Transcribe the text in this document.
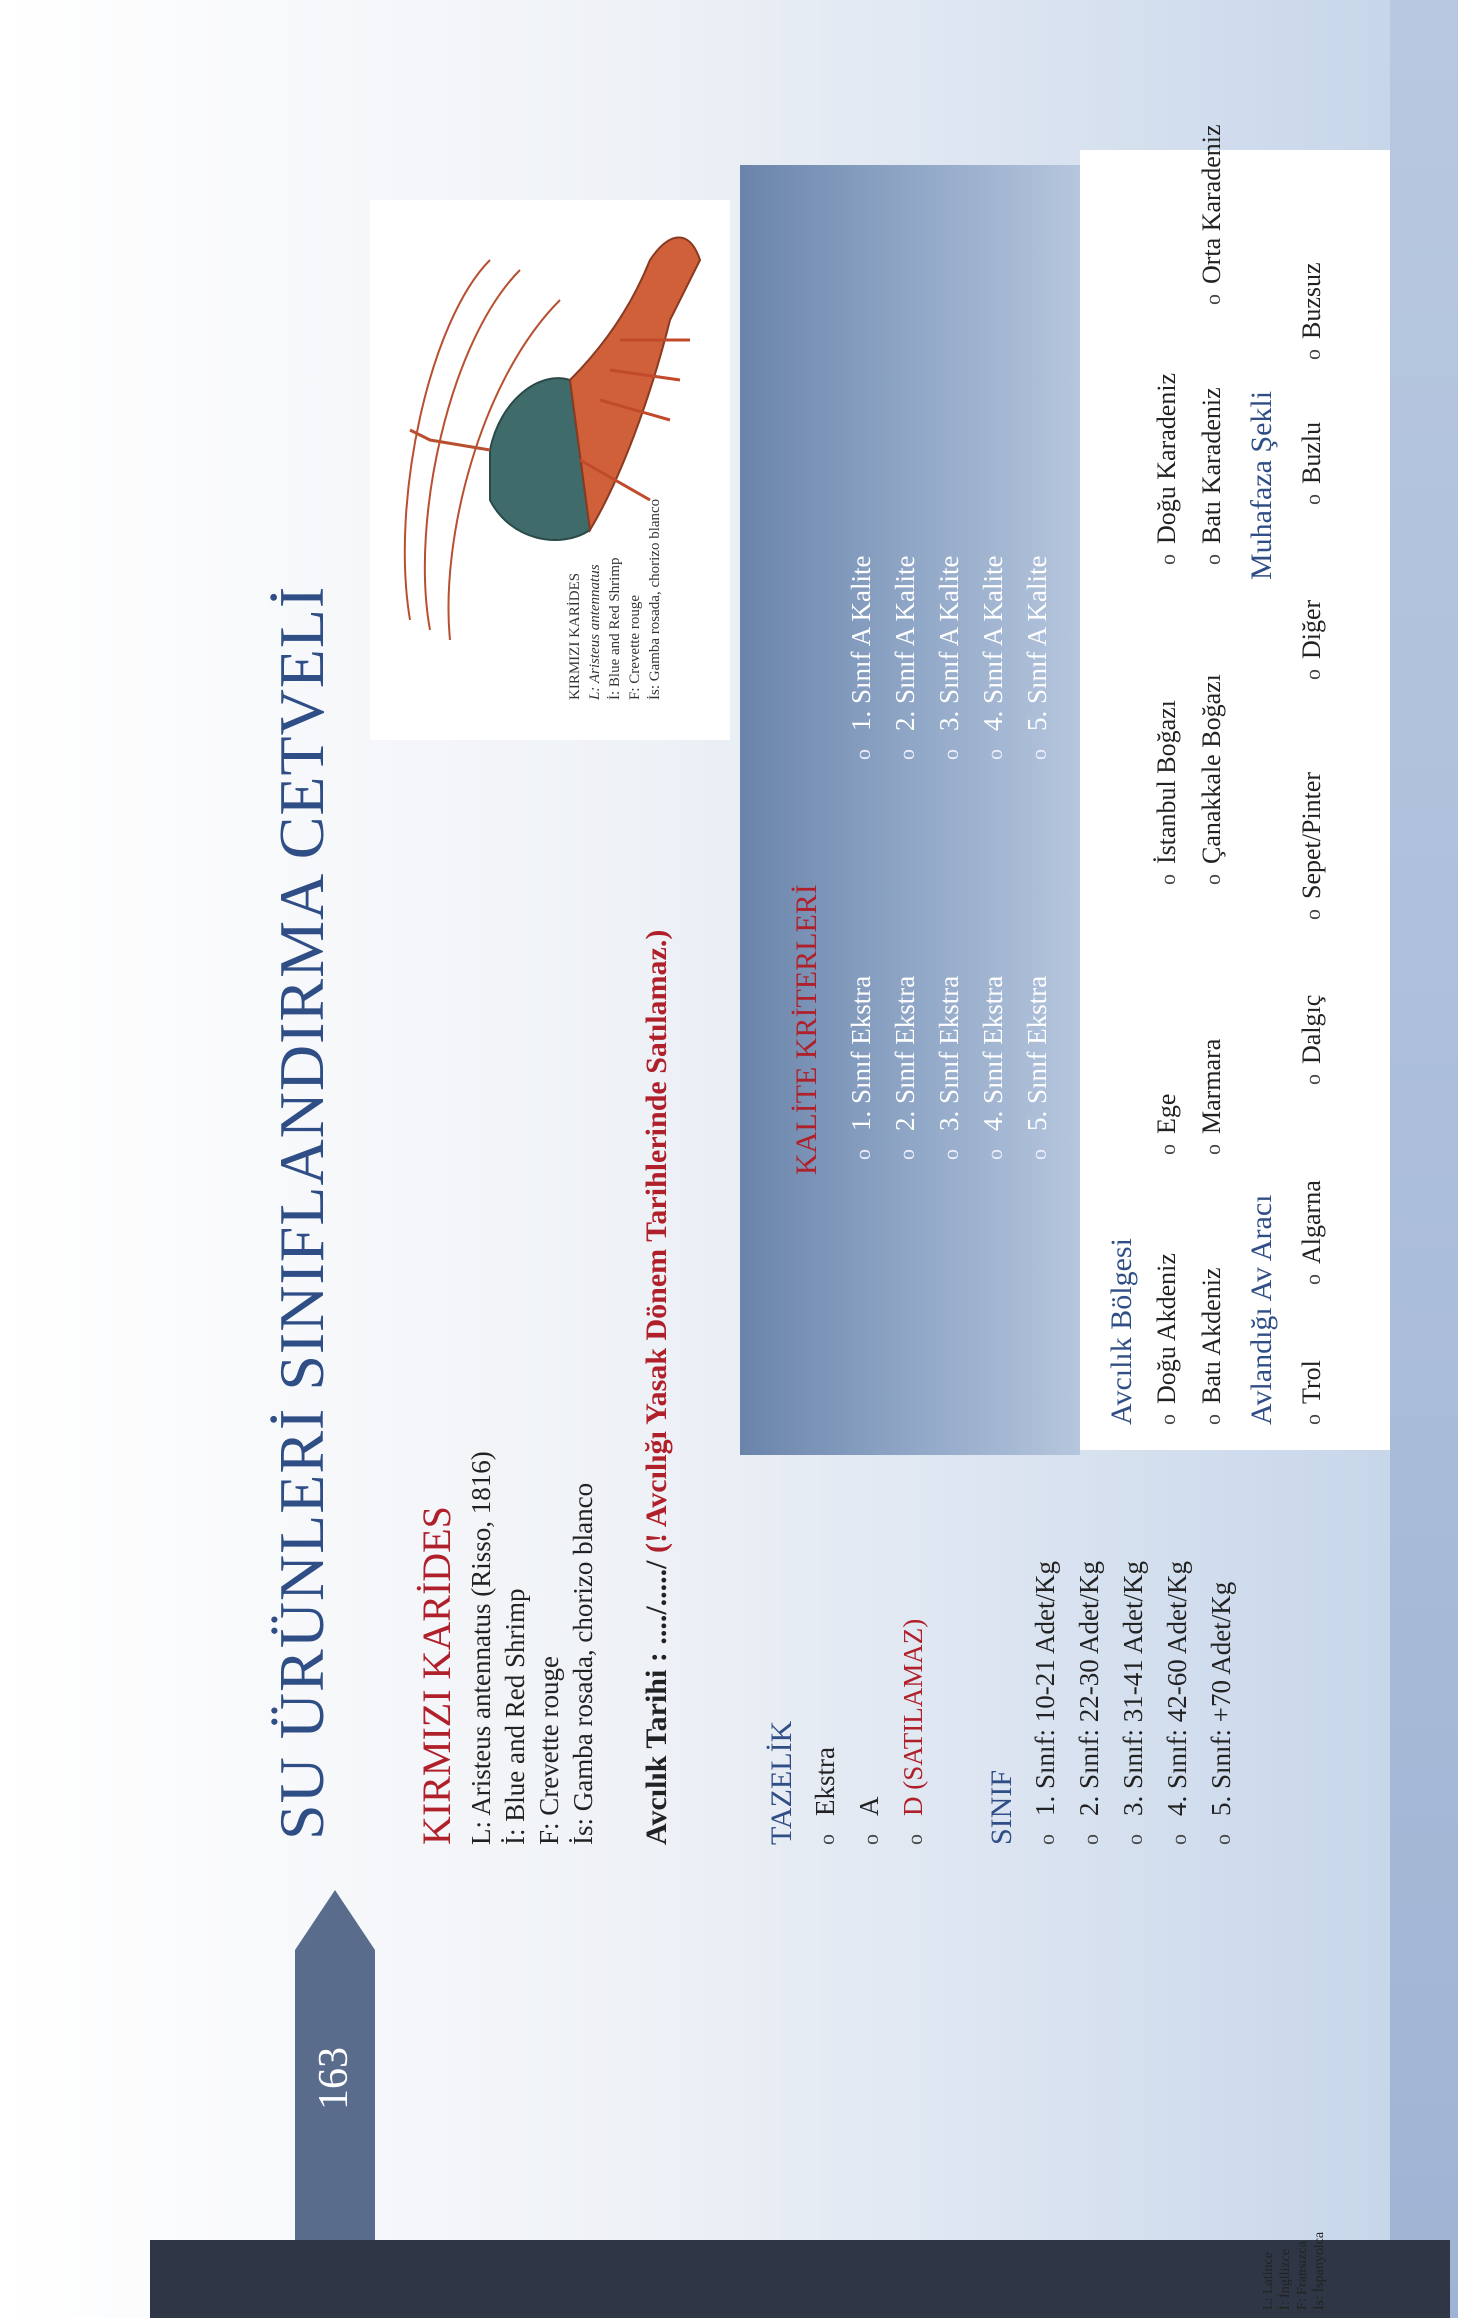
SU ÜRÜNLERİ SINIFLANDIRMA CETVELİ
163
KIRMIZI KARİDES L: Aristeus antennatus (Risso, 1816) İ: Blue and Red Shrimp F: Crevette rouge İs: Gamba rosada, chorizo blanco Avcılık Tarihi : ..../...../ (! Avcılığı Yasak Dönem Tarihlerinde Satılamaz.)
TAZELİK oEkstra
oA
oD (SATILAMAZ) SINIF o1. Sınıf: 10-21 Adet/Kg
o2. Sınıf: 22-30 Adet/Kg
o3. Sınıf: 31-41 Adet/Kg
o4. Sınıf: 42-60 Adet/Kg
o5. Sınıf: +70 Adet/Kg
KIRMIZI KARİDES L: Aristeus antennatus İ: Blue and Red Shrimp F: Crevette rouge İs: Gamba rosada, chorizo blanco
KALİTE KRİTERLERİ	o1. Sınıf Ekstra
o2. Sınıf Ekstra
o3. Sınıf Ekstra
o4. Sınıf Ekstra
o5. Sınıf Ekstra
o1. Sınıf A Kalite
o2. Sınıf A Kalite
o3. Sınıf A Kalite
o4. Sınıf A Kalite
o5. Sınıf A Kalite
Avcılık Bölgesi oDoğu AkdenizoEgeoİstanbul BoğazıoDoğu Karadeniz
oBatı AkdenizoMarmaraoÇanakkale BoğazıoBatı KaradenizoOrta Karadeniz
Avlandığı Av Aracı
Muhafaza Şekli
oTroloAlgarnaoDalgıçoSepet/PinteroDiğeroBuzluoBuzsuz
L: Latince İ: İngilizce F: Fransızca İs: İspanyolca
